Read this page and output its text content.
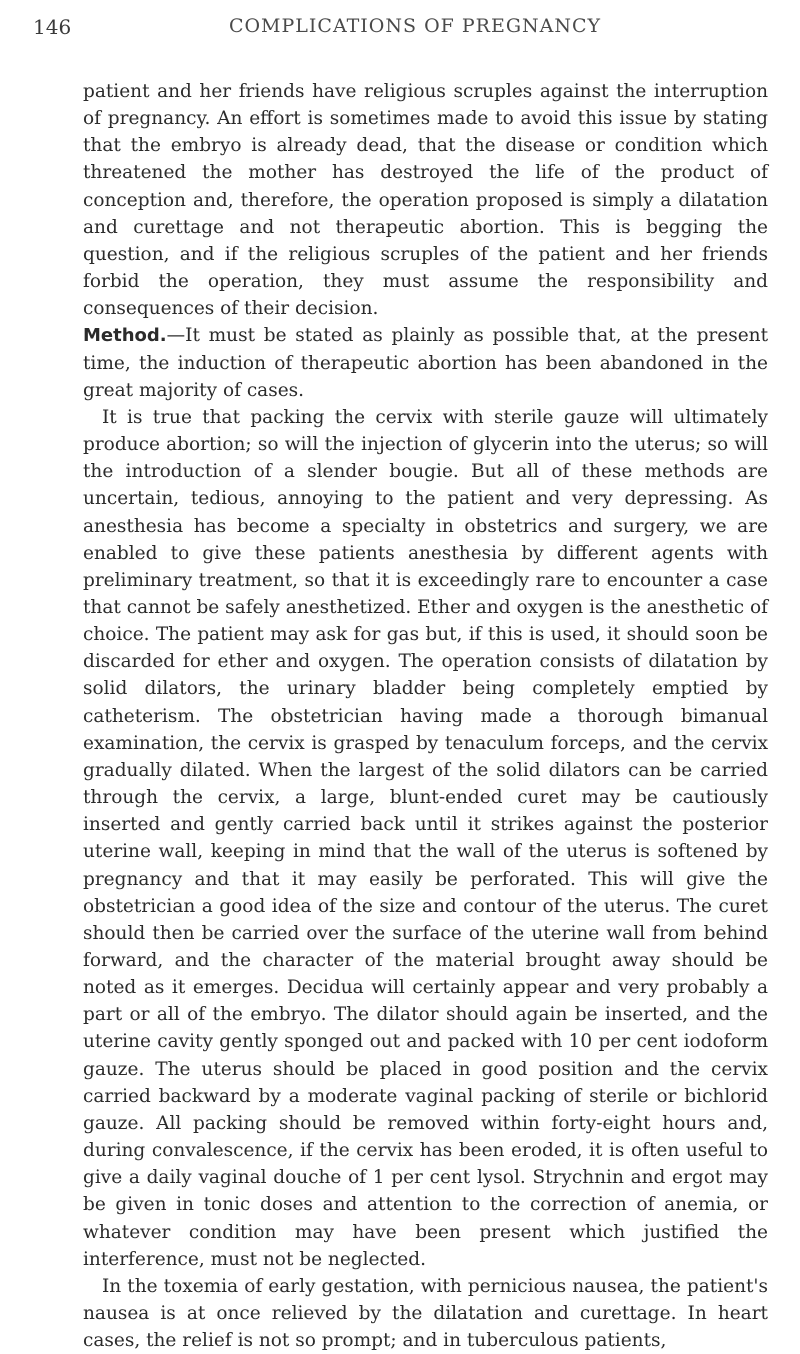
146	COMPLICATIONS OF PREGNANCY

patient and her friends have religious scruples against the interruption of pregnancy. An effort is sometimes made to avoid this issue by stating that the embryo is already dead, that the disease or condition which threatened the mother has destroyed the life of the product of conception and, therefore, the operation proposed is simply a dilatation and curettage and not therapeutic abortion. This is begging the question, and if the religious scruples of the patient and her friends forbid the operation, they must assume the responsibility and consequences of their decision.

Method.—It must be stated as plainly as possible that, at the present time, the induction of therapeutic abortion has been abandoned in the great majority of cases.

It is true that packing the cervix with sterile gauze will ultimately produce abortion; so will the injection of glycerin into the uterus; so will the introduction of a slender bougie. But all of these methods are uncertain, tedious, annoying to the patient and very depressing. As anesthesia has become a specialty in obstetrics and surgery, we are enabled to give these patients anesthesia by different agents with preliminary treatment, so that it is exceedingly rare to encounter a case that cannot be safely anesthetized. Ether and oxygen is the anesthetic of choice. The patient may ask for gas but, if this is used, it should soon be discarded for ether and oxygen. The operation consists of dilatation by solid dilators, the urinary bladder being completely emptied by catheterism. The obstetrician having made a thorough bimanual examination, the cervix is grasped by tenaculum forceps, and the cervix gradually dilated. When the largest of the solid dilators can be carried through the cervix, a large, blunt-ended curet may be cautiously inserted and gently carried back until it strikes against the posterior uterine wall, keeping in mind that the wall of the uterus is softened by pregnancy and that it may easily be perforated. This will give the obstetrician a good idea of the size and contour of the uterus. The curet should then be carried over the surface of the uterine wall from behind forward, and the character of the material brought away should be noted as it emerges. Decidua will certainly appear and very probably a part or all of the embryo. The dilator should again be inserted, and the uterine cavity gently sponged out and packed with 10 per cent iodoform gauze. The uterus should be placed in good position and the cervix carried backward by a moderate vaginal packing of sterile or bichlorid gauze. All packing should be removed within forty-eight hours and, during convalescence, if the cervix has been eroded, it is often useful to give a daily vaginal douche of 1 per cent lysol. Strychnin and ergot may be given in tonic doses and attention to the correction of anemia, or whatever condition may have been present which justified the interference, must not be neglected.

In the toxemia of early gestation, with pernicious nausea, the patient's nausea is at once relieved by the dilatation and curettage. In heart cases, the relief is not so prompt; and in tuberculous patients,
